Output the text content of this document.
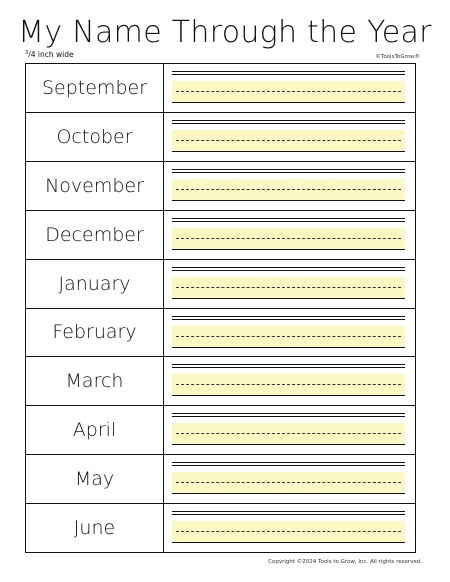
My Name Through the Year
$^3$/4 inch wide	©ToolsToGrow®
September
October
November
December
January
February
March
April
May
June
Copyright ©2024 Tools to Grow, Inc. All rights reserved.
